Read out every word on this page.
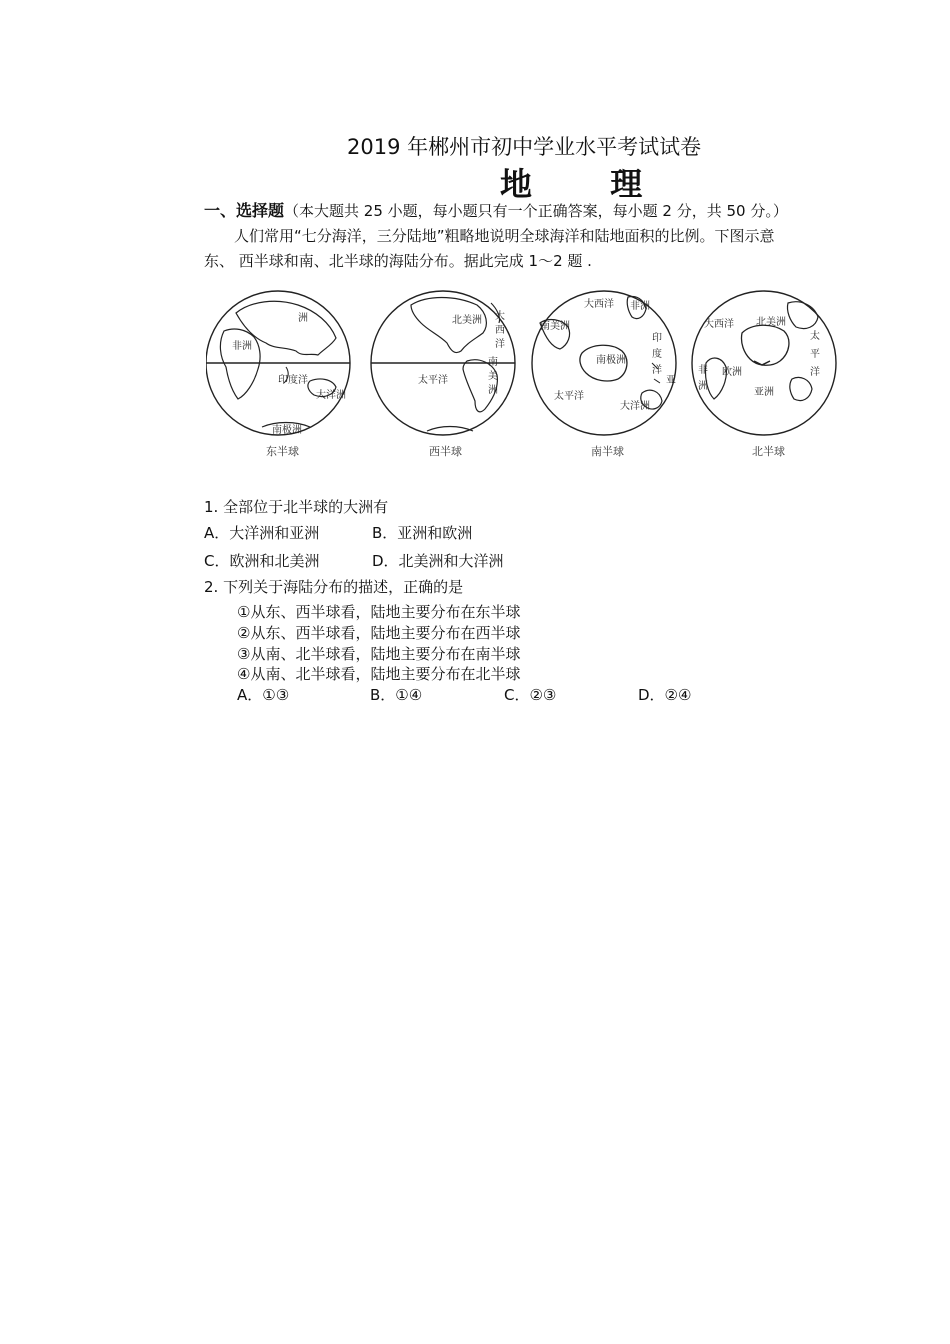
2019 年郴州市初中学业水平考试试卷
地 理
一、选择题（本大题共 25 小题，每小题只有一个正确答案，每小题 2 分，共 50 分。）
人们常用“七分海洋，三分陆地”粗略地说明全球海洋和陆地面积的比例。下图示意
东、 西半球和南、北半球的海陆分布。据此完成 1～2 题 .
洲
非洲
印度洋
大洋洲
南极洲
北美洲
太平洋
大
西
洋
南
美
洲
大西洋 非洲
南美洲
南极洲
印
度
洋
太平洋
大洋洲
亚
大西洋 北美洲
太
平
洋
非
洲
欧洲
亚洲
东半球	西半球	南半球	北半球
1. 全部位于北半球的大洲有
A．大洋洲和亚洲	B．亚洲和欧洲
C．欧洲和北美洲	D．北美洲和大洋洲
2. 下列关于海陆分布的描述，正确的是
①从东、西半球看，陆地主要分布在东半球
②从东、西半球看，陆地主要分布在西半球
③从南、北半球看，陆地主要分布在南半球
④从南、北半球看，陆地主要分布在北半球
A．①③	B．①④	C．②③	D．②④
